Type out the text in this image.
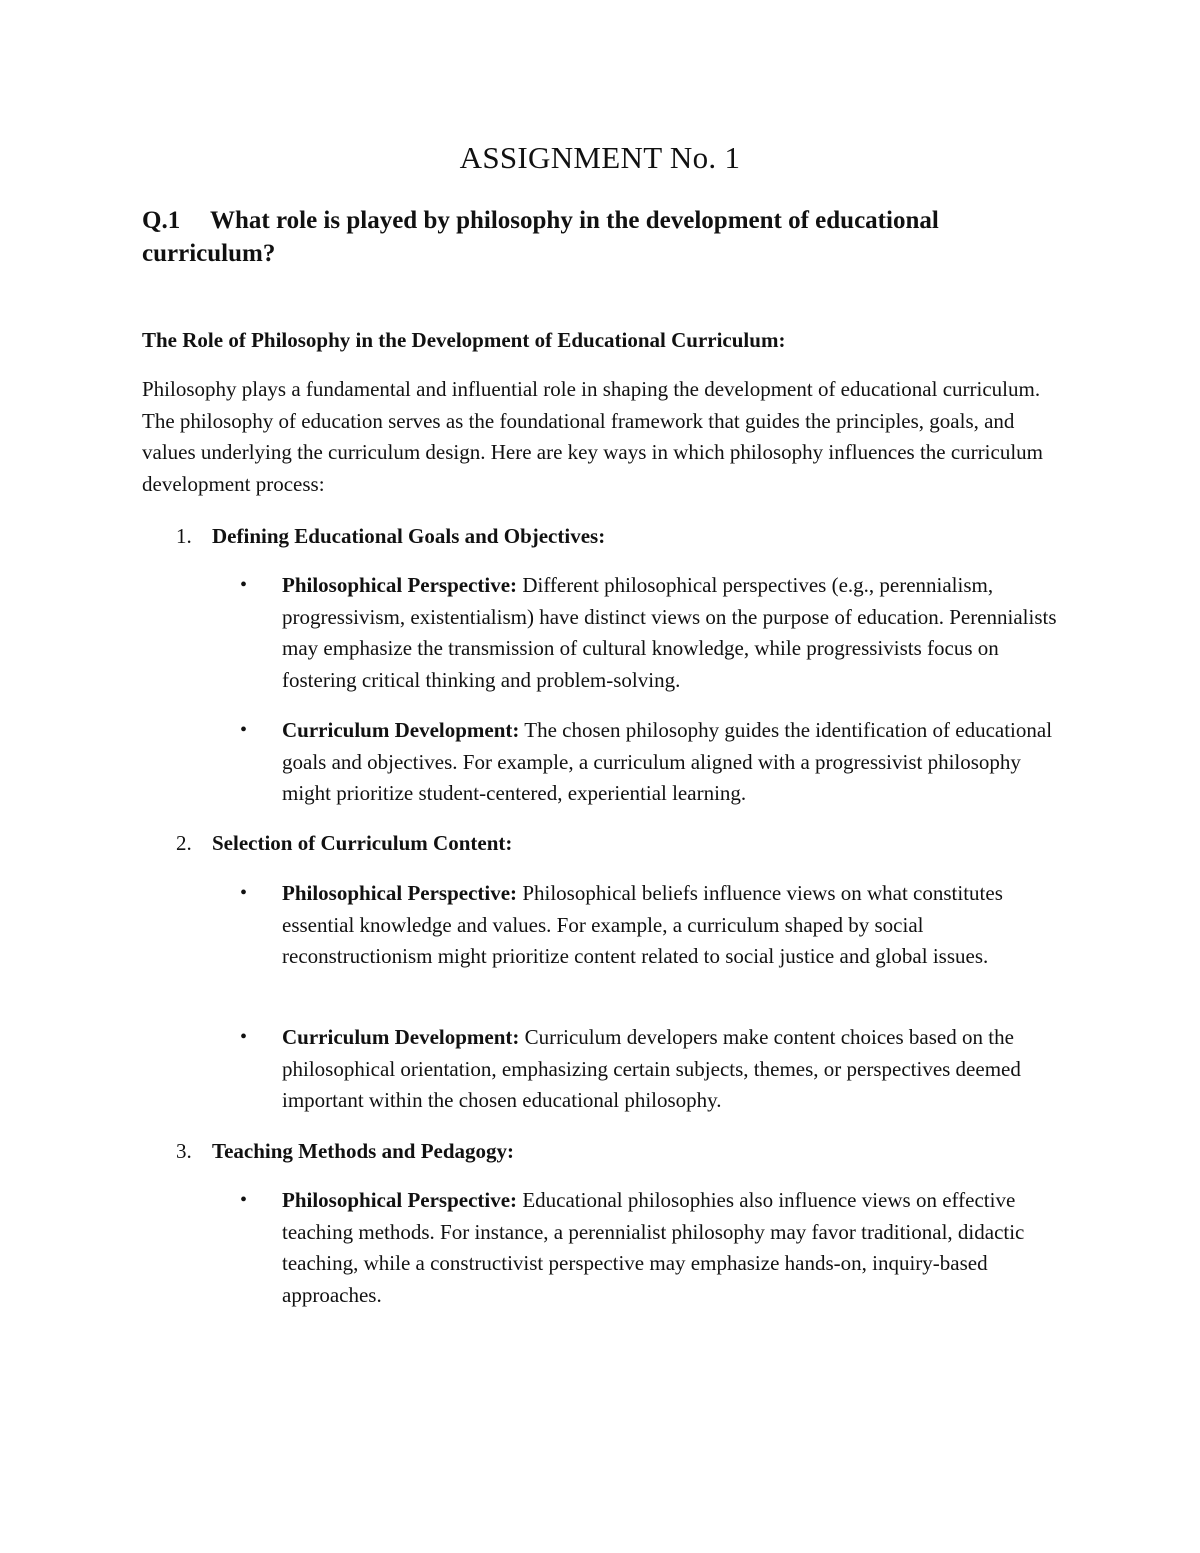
ASSIGNMENT No. 1
Q.1 What role is played by philosophy in the development of educational curriculum?
The Role of Philosophy in the Development of Educational Curriculum:

Philosophy plays a fundamental and influential role in shaping the development of educational curriculum. The philosophy of education serves as the foundational framework that guides the principles, goals, and values underlying the curriculum design. Here are key ways in which philosophy influences the curriculum development process:

1. Defining Educational Goals and Objectives:
• Philosophical Perspective: Different philosophical perspectives (e.g., perennialism, progressivism, existentialism) have distinct views on the purpose of education. Perennialists may emphasize the transmission of cultural knowledge, while progressivists focus on fostering critical thinking and problem-solving.
• Curriculum Development: The chosen philosophy guides the identification of educational goals and objectives. For example, a curriculum aligned with a progressivist philosophy might prioritize student-centered, experiential learning.
2. Selection of Curriculum Content:
• Philosophical Perspective: Philosophical beliefs influence views on what constitutes essential knowledge and values. For example, a curriculum shaped by social reconstructionism might prioritize content related to social justice and global issues.
• Curriculum Development: Curriculum developers make content choices based on the philosophical orientation, emphasizing certain subjects, themes, or perspectives deemed important within the chosen educational philosophy.
3. Teaching Methods and Pedagogy:
• Philosophical Perspective: Educational philosophies also influence views on effective teaching methods. For instance, a perennialist philosophy may favor traditional, didactic teaching, while a constructivist perspective may emphasize hands-on, inquiry-based approaches.
